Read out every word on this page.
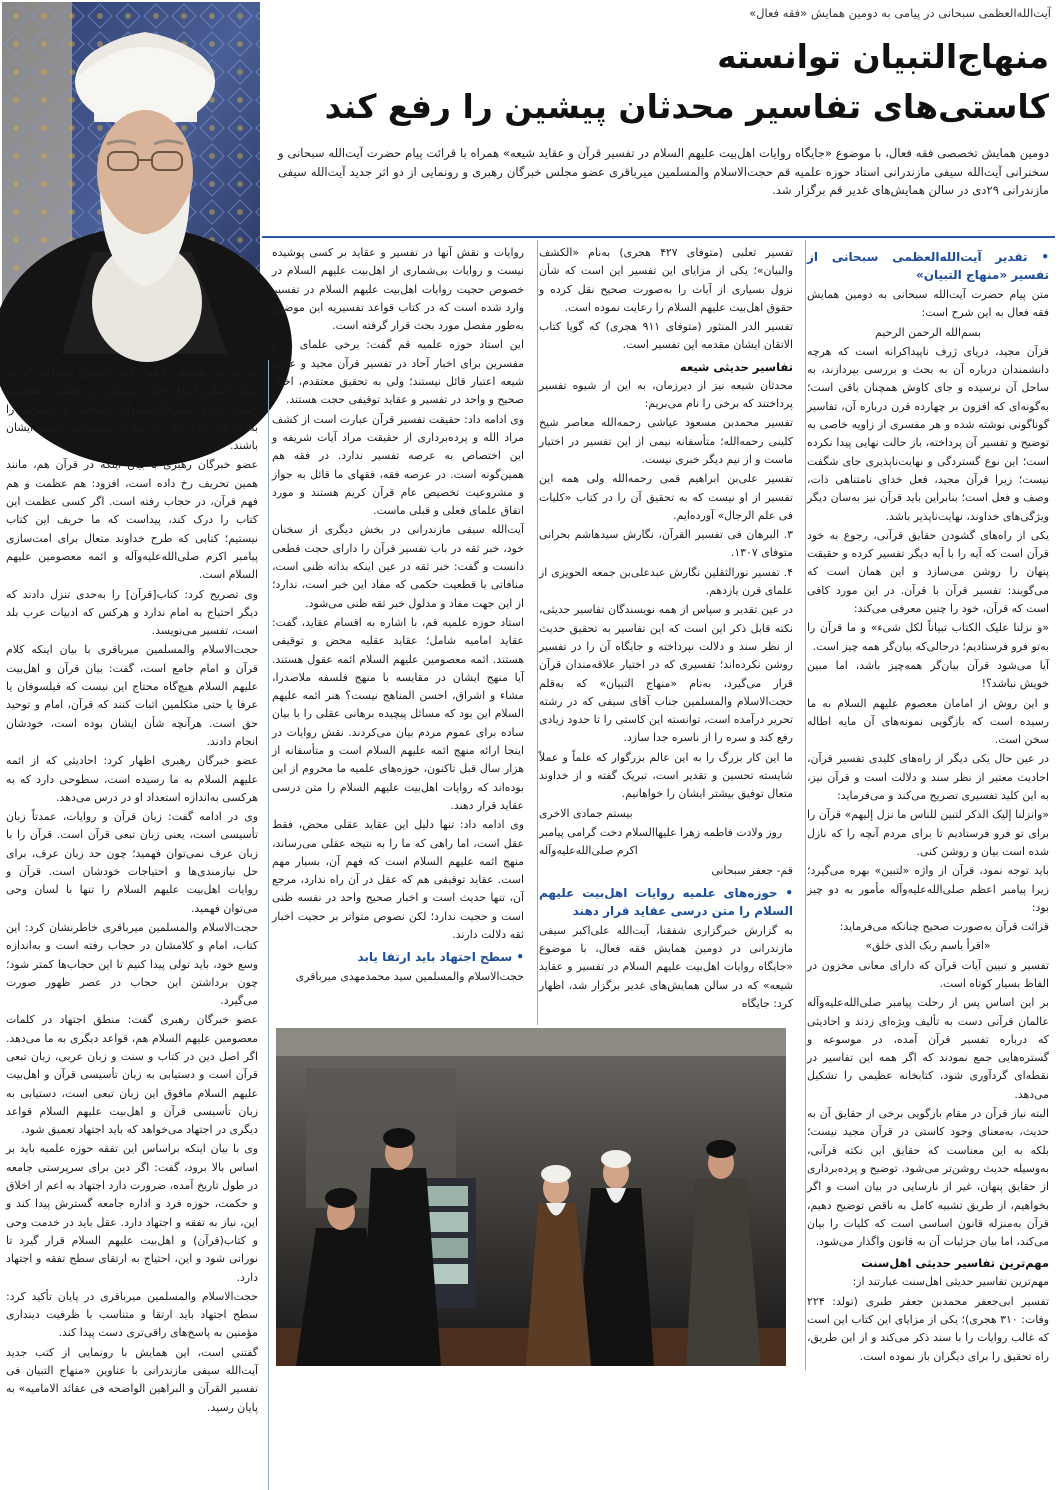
آیت‌الله‌العظمی سبحانی در پیامی به دومین همایش «فقه فعال»
منهاج‌التبیان توانسته
کاستی‌های تفاسیر محدثان پیشین را رفع کند
دومین همایش تخصصی فقه فعال، با موضوع «جایگاه روایات اهل‌بیت علیهم السلام در تفسیر قرآن و عقاید شیعه» همراه با قرائت پیام حضرت آیت‌الله سبحانی و سخنرانی آیت‌الله سیفی مازندرانی استاد حوزه علمیه قم حجت‌الاسلام والمسلمین میرباقری عضو مجلس خبرگان رهبری و رونمایی از دو اثر جدید آیت‌الله سیفی مازندرانی ۲۹دی در سالن همایش‌های غدیر قم برگزار شد.
• تقدیر آیت‌الله‌العظمی سبحانی از تفسیر «منهاج التبیان»

متن پیام حضرت آیت‌الله سبحانی به دومین همایش فقه فعال به این شرح است:

بسم‌الله الرحمن الرحیم

قرآن مجید، دریای ژرف ناپیداکرانه است که هرچه دانشمندان درباره آن به بحث و بررسی بپردازند، به ساحل آن نرسیده و جای کاوش همچنان باقی است؛ به‌گونه‌ای که افزون بر چهارده قرن درباره آن، تفاسیر گوناگونی نوشته شده و هر مفسری از زاویه خاصی به توضیح و تفسیر آن پرداخته، باز حالت نهایی پیدا نکرده است؛ این نوع گستردگی و نهایت‌ناپذیری جای شگفت نیست؛ زیرا قرآن مجید، فعل خدای نامتناهی ذات، وصف و فعل است؛ بنابراین باید قرآن نیز به‌سان دیگر ویژگی‌های خداوند، نهایت‌ناپذیر باشد.

یکی از راه‌های گشودن حقایق قرآنی، رجوع به خود قرآن است که آیه را با آیه دیگر تفسیر کرده و حقیقت پنهان را روشن می‌سازد و این همان است که می‌گویند: تفسیر قرآن با قرآن. در این مورد کافی است که قرآن، خود را چنین معرفی می‌کند:

«و نزلنا علیک الکتاب تبیاناً لکل شیء» و ما قرآن را به‌تو فرو فرستادیم؛ درحالی‌که بیان‌گر همه چیز است.

آیا می‌شود قرآن بیان‌گر همه‌چیز باشد، اما مبین خویش نباشد؟!

و این روش از امامان معصوم علیهم السلام به ما رسیده است که بازگویی نمونه‌های آن مایه اطاله سخن است.

در عین حال یکی دیگر از راه‌های کلیدی تفسیر قرآن، احادیث معتبر از نظر سند و دلالت است و قرآن نیز، به این کلید تفسیری تصریح می‌کند و می‌فرماید:

«وانزلنا إلیک الذکر لتبین للناس ما نزل إلیهم» قرآن را برای تو فرو فرستادیم تا برای مردم آنچه را که نازل شده است بیان و روشن کنی.

باید توجه نمود، قرآن از واژه «لتبین» بهره می‌گیرد؛ زیرا پیامبر اعظم صلی‌الله‌علیه‌وآله مأمور به دو چیز بود:

قرائت قرآن به‌صورت صحیح چنانکه می‌فرماید:

«اقرأ باسم ربک الذی خلق»

تفسیر و تبیین آیات قرآن که دارای معانی مخزون در الفاظ بسیار کوتاه است.

بر این اساس پس از رحلت پیامبر صلی‌الله‌علیه‌وآله عالمان قرآنی دست به تألیف ویژه‌ای زدند و احادیثی که درباره تفسیر قرآن آمده، در موسوعه و گستره‌هایی جمع نمودند که اگر همه این تفاسیر در نقطه‌ای گردآوری شود، کتابخانه عظیمی را تشکیل می‌دهد.

البته نیاز قرآن در مقام بازگویی برخی از حقایق آن به حدیث، به‌معنای وجود کاستی در قرآن مجید نیست؛ بلکه به این معناست که حقایق این نکته قرآنی، به‌وسیله حدیث روشن‌تر می‌شود. توضیح و پرده‌برداری از حقایق پنهان، غیر از نارسایی در بیان است و اگر بخواهیم، از طریق تشبیه کامل به ناقص توضیح دهیم، قرآن به‌منزله قانون اساسی است که کلیات را بیان می‌کند، اما بیان جزئیات آن به قانون واگذار می‌شود.

مهم‌ترین تفاسیر حدیثی اهل‌سنت

مهم‌ترین تفاسیر حدیثی اهل‌سنت عبارتند از:

تفسیر ابی‌جعفر محمدبن جعفر طبری (تولد: ۲۲۴ وفات: ۳۱۰ هجری)؛ یکی از مزایای این کتاب این است که غالب روایات را با سند ذکر می‌کند و از این طریق، راه تحقیق را برای دیگران باز نموده است.

تفسیر ثعلبی (متوفای ۴۲۷ هجری) به‌نام «الکشف والبیان»؛ یکی از مزایای این تفسیر این است که شأن نزول بسیاری از آیات را به‌صورت صحیح نقل کرده و حقوق اهل‌بیت علیهم السلام را رعایت نموده است.

تفسیر الدر المنثور (متوفای ۹۱۱ هجری) که گویا کتاب الاتقان ایشان مقدمه این تفسیر است.

تفاسیر حدیثی شیعه

محدثان شیعه نیز از دیرزمان، به این از شیوه تفسیر پرداختند که برخی را نام می‌بریم:

تفسیر محمدبن مسعود عیاشی رحمه‌الله معاصر شیخ کلینی رحمه‌الله؛ متأسفانه نیمی از این تفسیر در اختیار ماست و از نیم دیگر خبری نیست.

تفسیر علی‌بن ابراهیم قمی رحمه‌الله ولی همه این تفسیر از او نیست که به تحقیق آن را در کتاب «کلیات فی علم الرجال» آورده‌ایم.

۳. البرهان فی تفسیر القرآن، نگارش سیدهاشم بحرانی متوفای ۱۳۰۷.

۴. تفسیر نورالثقلین نگارش عبدعلی‌بن جمعه الحویزی از علمای قرن یازدهم.

در عین تقدیر و سپاس از همه نویسندگان تفاسیر حدیثی، نکته قابل ذکر این است که این تفاسیر به تحقیق حدیث از نظر سند و دلالت نپرداخته و جایگاه آن را در تفسیر روشن نکرده‌اند؛ تفسیری که در اختیار علاقه‌مندان قرآن قرار می‌گیرد، به‌نام «منهاج التبیان» که به‌قلم حجت‌الاسلام والمسلمین جناب آقای سیفی که در رشته تحریر درآمده است، توانسته این کاستی را تا حدود زیادی رفع کند و سره را از ناسره جدا سازد.

ما این کار بزرگ را به این عالم بزرگوار که علماً و عملاً شایسته تحسین و تقدیر است، تبریک گفته و از خداوند متعال توفیق بیشتر ایشان را خواهانیم.

بیستم جمادی الاخری

روز ولادت فاطمه زهرا علیهاالسلام دخت گرامی پیامبر اکرم صلی‌الله‌علیه‌وآله

قم- جعفر سبحانی

• حوزه‌های علمیه روایات اهل‌بیت علیهم السلام را متن درسی عقاید قرار دهند

به گزارش خبرگزاری شفقنا، آیت‌الله علی‌اکبر سیفی مازندرانی در دومین همایش فقه فعال، با موضوع «جایگاه روایات اهل‌بیت علیهم السلام در تفسیر و عقاید شیعه» که در سالن همایش‌های غدیر برگزار شد، اظهار کرد: جایگاه

روایات و نقش آنها در تفسیر و عقاید بر کسی پوشیده نیست و روایات بی‌شماری از اهل‌بیت علیهم السلام در خصوص حجیت روایات اهل‌بیت علیهم السلام در تفسیر وارد شده است که در کتاب قواعد تفسیریه این موضوع به‌طور مفصل مورد بحث قرار گرفته است.

این استاد حوزه علمیه قم گفت: برخی علمای ما و مفسرین برای اخبار آحاد در تفسیر قرآن مجید و عقاید شیعه اعتبار قائل نیستند؛ ولی به تحقیق معتقدم، اخبار صحیح و واحد در تفسیر و عقاید توقیفی حجت هستند.

وی ادامه داد: حقیقت تفسیر قرآن عبارت است از کشف مراد الله و پرده‌برداری از حقیقت مراد آیات شریفه و این اختصاص به عرصه تفسیر ندارد. در فقه هم همین‌گونه است. در عرصه فقه، فقهای ما قائل به جواز و مشروعیت تخصیص عام قرآن کریم هستند و مورد اتفاق علمای فعلی و قبلی ماست.

آیت‌الله سیفی مازندرانی در بخش دیگری از سخنان خود، خبر ثقه در باب تفسیر قرآن را دارای حجت قطعی دانست و گفت: خبر ثقه در عین اینکه بذاته ظنی است، منافاتی با قطعیت حکمی که مفاد این خبر است، ندارد؛ از این جهت مفاد و مدلول خبر ثقه ظنی می‌شود.

استاد حوزه علمیه قم، با اشاره به اقسام عقاید، گفت: عقاید امامیه شامل؛ عقاید عقلیه محض و توقیفی هستند. ائمه معصومین علیهم السلام ائمه عقول هستند. آیا منهج ایشان در مقایسه با منهج فلسفه ملاصدرا، مشاء و اشراق، احسن المناهج نیست؟ هنر ائمه علیهم السلام این بود که مسائل پیچیده برهانی عقلی را با بیان ساده برای عموم مردم بیان می‌کردند. نقش روایات در اینجا ارائه منهج ائمه علیهم السلام است و متأسفانه از هزار سال قبل تاکنون، حوزه‌های علمیه ما محروم از این بوده‌اند که روایات اهل‌بیت علیهم السلام را متن درسی عقاید قرار دهند.

وی ادامه داد: تنها دلیل این عقاید عقلی محض، فقط عقل است، اما راهی که ما را به نتیجه عقلی می‌رساند، منهج ائمه علیهم السلام است که فهم آن، بسیار مهم است. عقاید توقیفی هم که عقل در آن راه ندارد، مرجع آن، تنها حدیث است و اخبار صحیح واحد در نفسه ظنی است و حجیت ندارد؛ لکن نصوص متواتر بر حجیت اخبار ثقه دلالت دارند.

• سطح اجتهاد باید ارتقا یابد

حجت‌الاسلام والمسلمین سید محمدمهدی میرباقری

نیز در این همایش، اظهار کرد: داستان انحرافی که در دنیای اسلام اتفاق افتاد، پرده‌ای بر عظمت شخصیت رسول اکرم صلی‌الله‌علیه‌وآله انداخت و حضرت را به‌اندازه‌ای تنزل داد که دیگران می‌توانند، خلیفه ایشان باشند.

عضو خبرگان رهبری با بیان اینکه در قرآن هم، مانند همین تحریف رخ داده است، افزود: هم عظمت و هم فهم قرآن، در حجاب رفته است. اگر کسی عظمت این کتاب را درک کند، پیداست که ما حریف این کتاب نیستیم؛ کتابی که طرح خداوند متعال برای امت‌سازی پیامبر اکرم صلی‌الله‌علیه‌وآله و ائمه معصومین علیهم السلام است.

وی تصریح کرد: کتاب[قرآن] را به‌حدی تنزل دادند که دیگر احتیاج به امام ندارد و هرکس که ادبیات عرب بلد است، تفسیر می‌نویسد.

حجت‌الاسلام والمسلمین میرباقری با بیان اینکه کلام قرآن و امام جامع است، گفت: بیان قرآن و اهل‌بیت علیهم السلام هیچ‌گاه محتاج این نیست که فیلسوفان یا عرفا یا حتی متکلمین اثبات کنند که قرآن، امام و توحید حق است. هرآنچه شأن ایشان بوده است، خودشان انجام دادند.

عضو خبرگان رهبری اظهار کرد: احادیثی که از ائمه علیهم السلام به ما رسیده است، سطوحی دارد که به هرکسی به‌اندازه استعداد او در درس می‌دهد.

وی در ادامه گفت: زبان قرآن و روایات، عمدتاً زبان تأسیسی است، یعنی زبان تبعی قرآن است. قرآن را با زبان عرف نمی‌توان فهمید؛ چون حد زبان عرف، برای حل نیازمندی‌ها و احتیاجات خودشان است. قرآن و روایات اهل‌بیت علیهم السلام را تنها با لسان وحی می‌توان فهمید.

حجت‌الاسلام والمسلمین میرباقری خاطرنشان کرد: این کتاب، امام و کلامشان در حجاب رفته است و به‌اندازه وسع خود، باید تولی پیدا کنیم تا این حجاب‌ها کمتر شود؛ چون برداشتن این حجاب در عصر ظهور صورت می‌گیرد.

عضو خبرگان رهبری گفت: منطق اجتهاد در کلمات معصومین علیهم السلام هم، قواعد دیگری به ما می‌دهد. اگر اصل دین در کتاب و سنت و زبان عربی، زبان تبعی قرآن است و دستیابی به زبان تأسیسی قرآن و اهل‌بیت علیهم السلام مافوق این زبان تبعی است، دستیابی به زبان تأسیسی قرآن و اهل‌بیت علیهم السلام قواعد دیگری در اجتهاد می‌خواهد که باید اجتهاد تعمیق شود.

وی با بیان اینکه براساس این تفقه حوزه علمیه باید بر اساس بالا برود، گفت: اگر دین برای سرپرستی جامعه در طول تاریخ آمده، ضرورت دارد اجتهاد به اعم از اخلاق و حکمت، حوزه فرد و اداره جامعه گسترش پیدا کند و این، نیاز به تفقه و اجتهاد دارد. عقل باید در خدمت وحی و کتاب(قرآن) و اهل‌بیت علیهم السلام قرار گیرد تا نورانی شود و این، احتیاج به ارتقای سطح تفقه و اجتهاد دارد.

حجت‌الاسلام والمسلمین میرباقری در پایان تأکید کرد: سطح اجتهاد باید ارتقا و متناسب با ظرفیت دینداری مؤمنین به پاسخ‌های راقی‌تری دست پیدا کند.

گفتنی است، این همایش با رونمایی از کتب جدید آیت‌الله سیفی مازندرانی با عناوین «منهاج التبیان فی تفسیر القرآن و البراهین الواضحه فی عقائد الامامیه» به پایان رسید.
